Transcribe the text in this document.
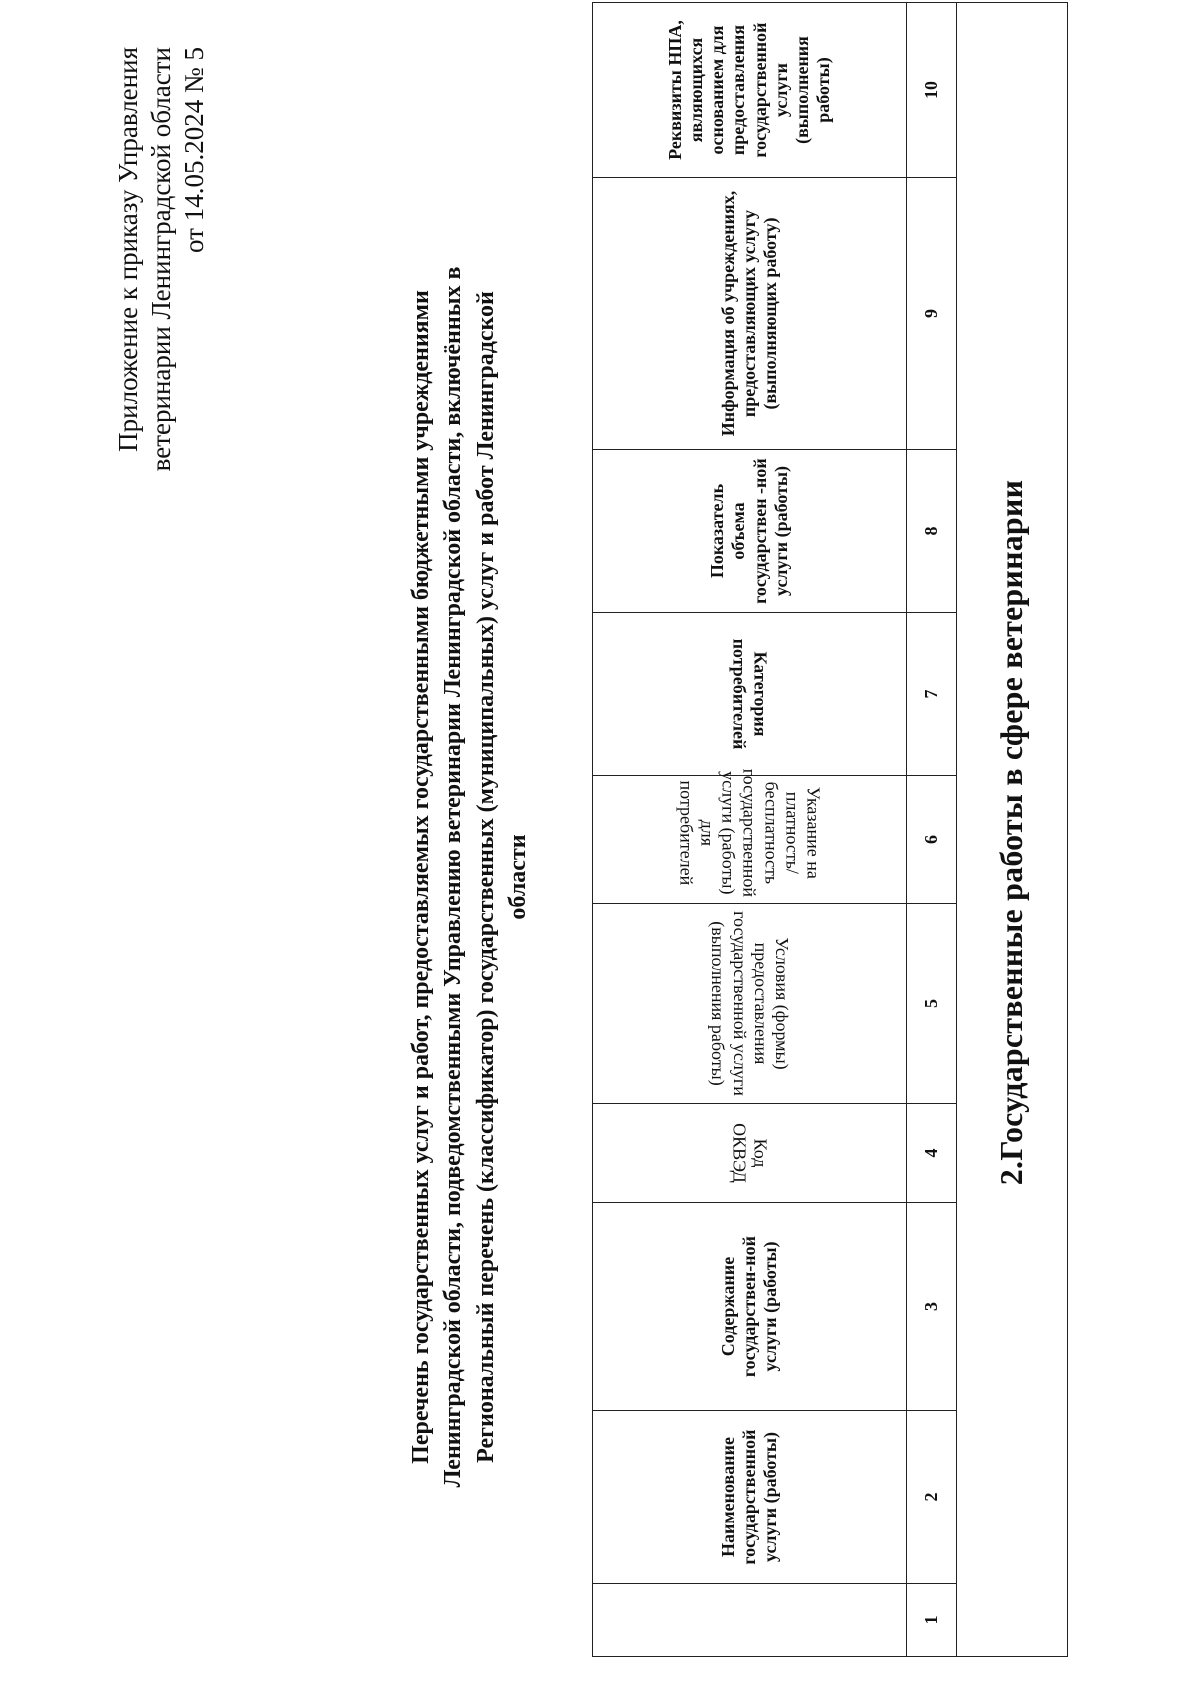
Приложение к приказу Управления ветеринарии Ленинградской области от 14.05.2024 № 5
Перечень государственных услуг и работ, предоставляемых государственными бюджетными учреждениями Ленинградской области, подведомственными Управлению ветеринарии Ленинградской области, включённых в Региональный перечень (классификатор) государственных (муниципальных) услуг и работ Ленинградской области
	Наименование государственной услуги (работы)	Содержание государствен-ной услуги (работы)	Код ОКВЭД	Условия (формы) предоставления государственной услуги (выполнения работы)	Указание на платность/ бесплатность государственной услуги (работы) для потребителей	Категория потребителей	Показатель объема государствен -ной услуги (работы)	Информация об учреждениях, предоставляющих услугу (выполняющих работу)	Реквизиты НПА, являющихся основанием для предоставления государственной услуги (выполнения работы)
1	2	3	4	5	6	7	8	9	10
2.Государственные работы в сфере ветеринарии									
